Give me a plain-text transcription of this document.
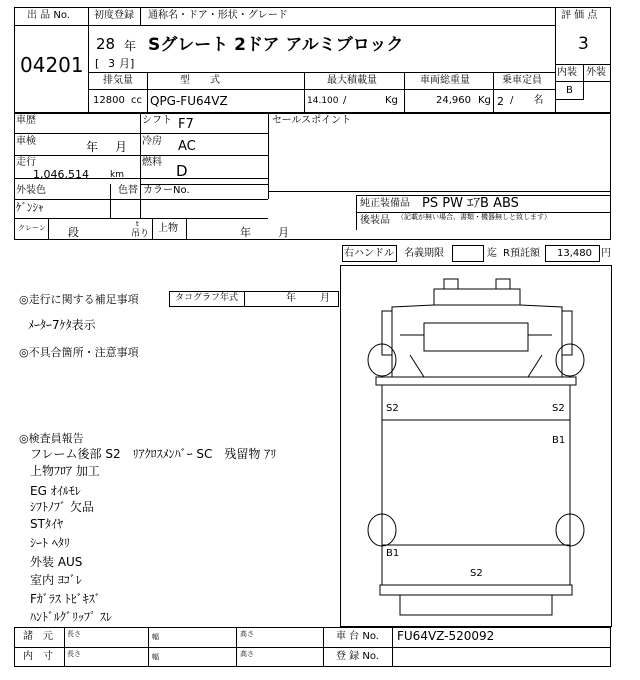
出 品 No.
04201
初度登録 通称名・ドア・形状・グレード
28 年
[ 3 月]
Sグレート 2ドア アルミブロック
評 価 点
3
内装 外装
B
排気量
12800 cc
型　　式
QPG-FU64VZ
最大積載量
14.100 /	Kg
車両総重量
24,960 Kg
乗車定員
2 /　　名
車歴	シフト F7
車検	年 月 冷房 AC
走行
1,046,514 km
燃料 D
外装色
ｹﾞﾝｼｬ
色替 カラーNo.
セールスポイント
純正装備品 PS PW ｴｱB ABS
後装品 （記載が無い場合、書類・機器無しと致します）
クレーン 段
t
吊り 上物	年 月
右ハンドル 名義期限	迄 R預託額 13,480 円
◎走行に関する補足事項	タコグラフ年式	年 月
ﾒｰﾀｰ7ｹﾀ表示
◎不具合箇所・注意事項
◎検査員報告
フレーム後部 S2　ﾘｱｸﾛｽﾒﾝﾊﾞｰ SC　残留物 ｱﾘ
上物ﾌﾛｱ 加工
EG ｵｲﾙﾓﾚ
ｼﾌﾄﾉﾌﾞ 欠品
STﾀｲﾔ
ｼｰﾄ ﾍﾀﾘ
外装 AUS
室内 ﾖｺﾞﾚ
Fｶﾞﾗｽ ﾄﾋﾞｷｽﾞ
ﾊﾝﾄﾞﾙｸﾞﾘｯﾌﾟ ｽﾚ
S2	S2
B1
B1
S2
諸　元
内　寸
長さ	幅	高さ
長さ	幅	高さ
車 台 No. FU64VZ-520092
登 録 No.
